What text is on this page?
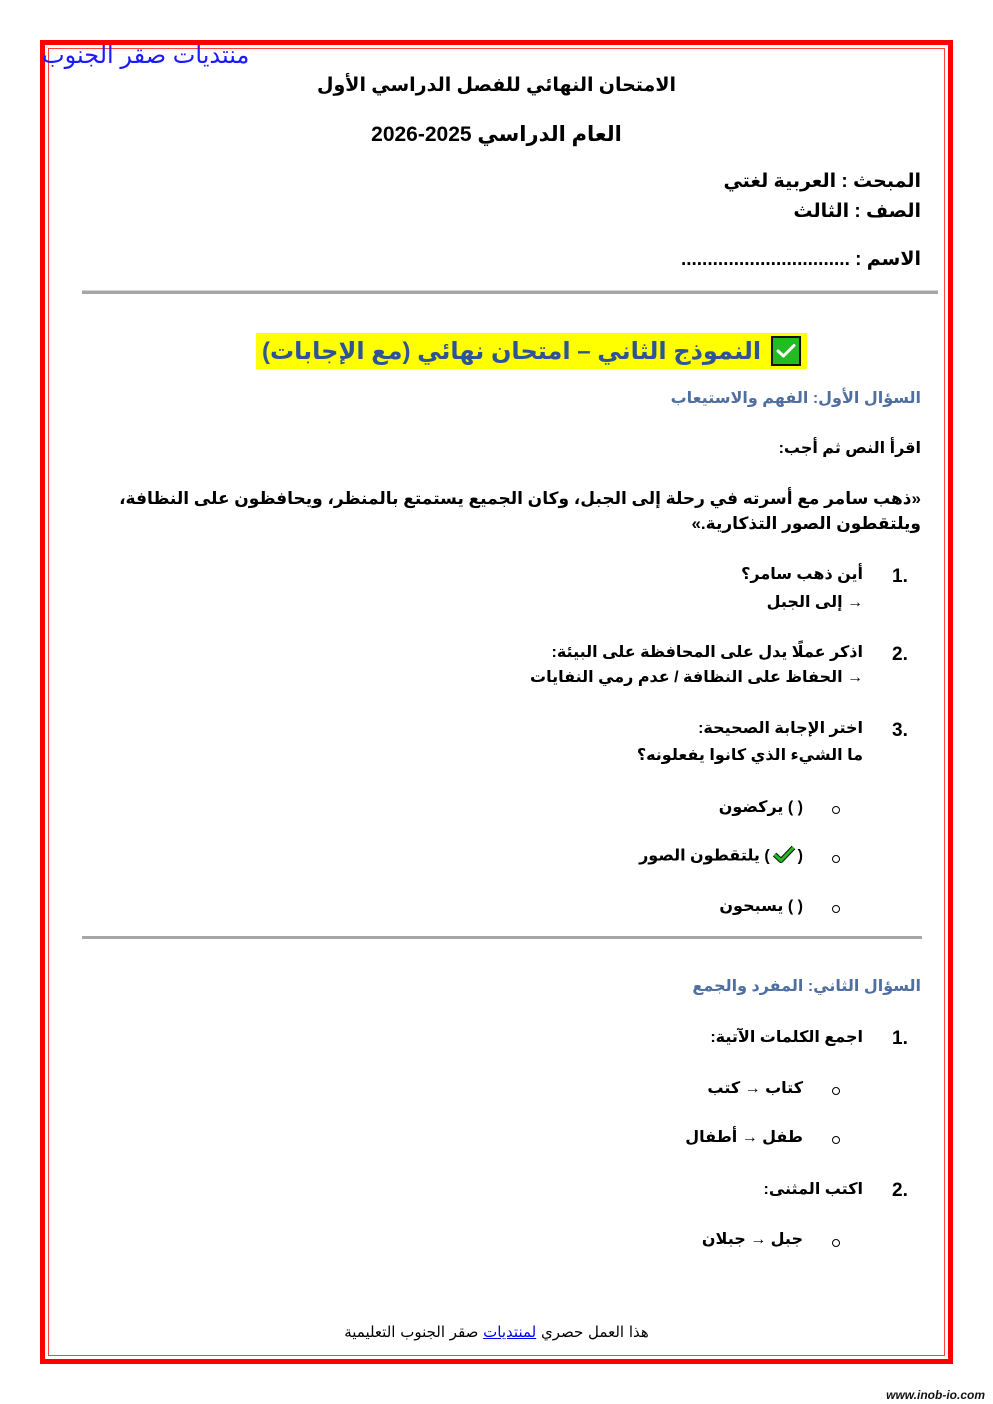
منتديات صقر الجنوب
الامتحان النهائي للفصل الدراسي الأول
العام الدراسي 2025-2026
المبحث : العربية لغتي
الصف : الثالث
الاسم : ................................
النموذج الثاني – امتحان نهائي (مع الإجابات)
السؤال الأول: الفهم والاستيعاب
اقرأ النص ثم أجب:
«ذهب سامر مع أسرته في رحلة إلى الجبل، وكان الجميع يستمتع بالمنظر، ويحافظون على النظافة، ويلتقطون الصور التذكارية.»
1.
أين ذهب سامر؟
→ إلى الجبل
2.
اذكر عملًا يدل على المحافظة على البيئة:
→ الحفاظ على النظافة / عدم رمي النفايات
3.
اختر الإجابة الصحيحة:
ما الشيء الذي كانوا يفعلونه؟
( ) يركضون
() يلتقطون الصور
( ) يسبحون
السؤال الثاني: المفرد والجمع
1.
اجمع الكلمات الآتية:
كتاب → كتب
طفل → أطفال
2.
اكتب المثنى:
جبل → جبلان
هذا العمل حصري لمنتديات صقر الجنوب التعليمية
www.inob-io.com
